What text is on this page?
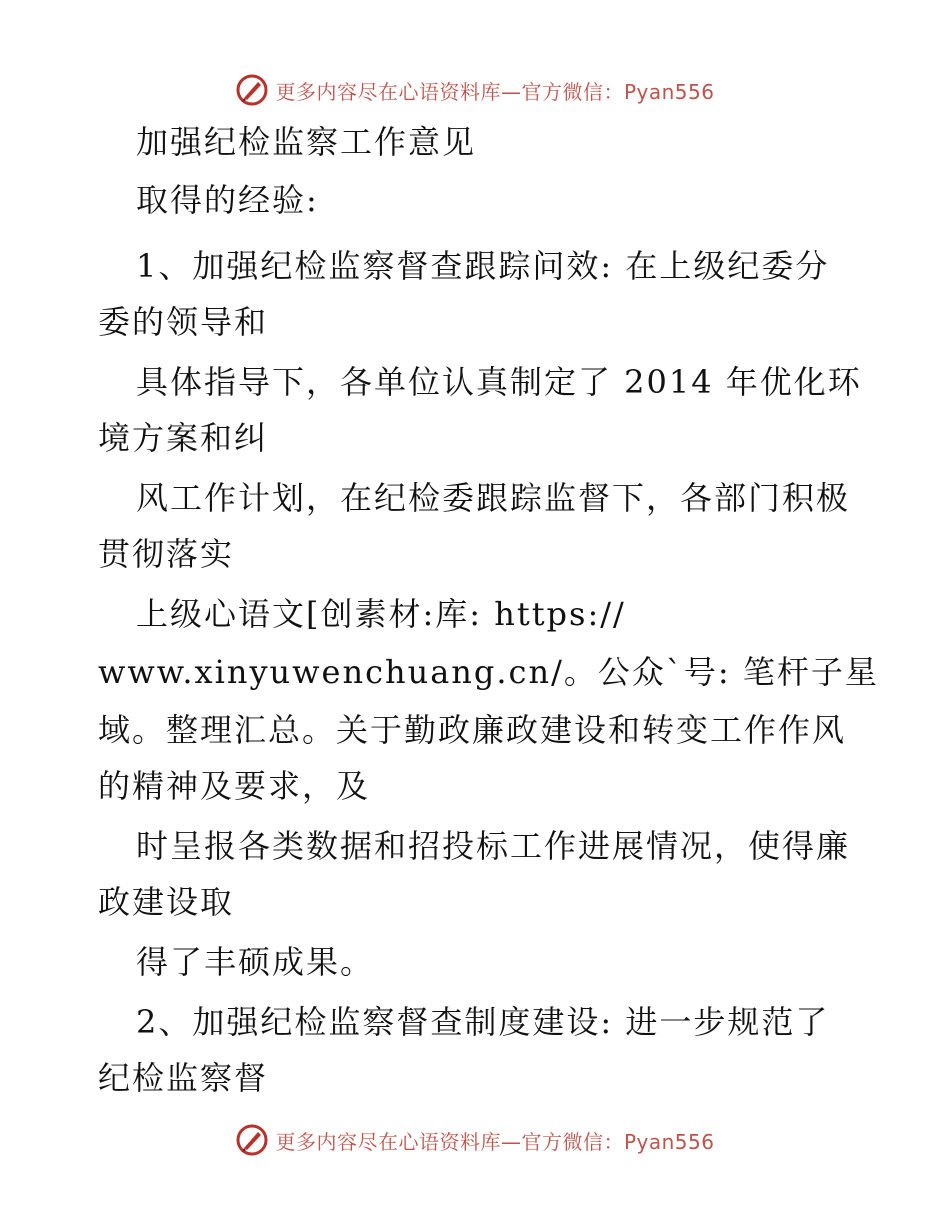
更多内容尽在心语资料库—官方微信：Pyan556
加强纪检监察工作意见
取得的经验:
1、加强纪检监察督查跟踪问效: 在上级纪委分
委的领导和
具体指导下，各单位认真制定了 2014 年优化环
境方案和纠
风工作计划，在纪检委跟踪监督下，各部门积极
贯彻落实
上级心语文[创素材:库: https://
www.xinyuwenchuang.cn/。公众`号: 笔杆子星
域。整理汇总。关于勤政廉政建设和转变工作作风
的精神及要求，及
时呈报各类数据和招投标工作进展情况，使得廉
政建设取
得了丰硕成果。
2、加强纪检监察督查制度建设: 进一步规范了
纪检监察督
更多内容尽在心语资料库—官方微信：Pyan556
